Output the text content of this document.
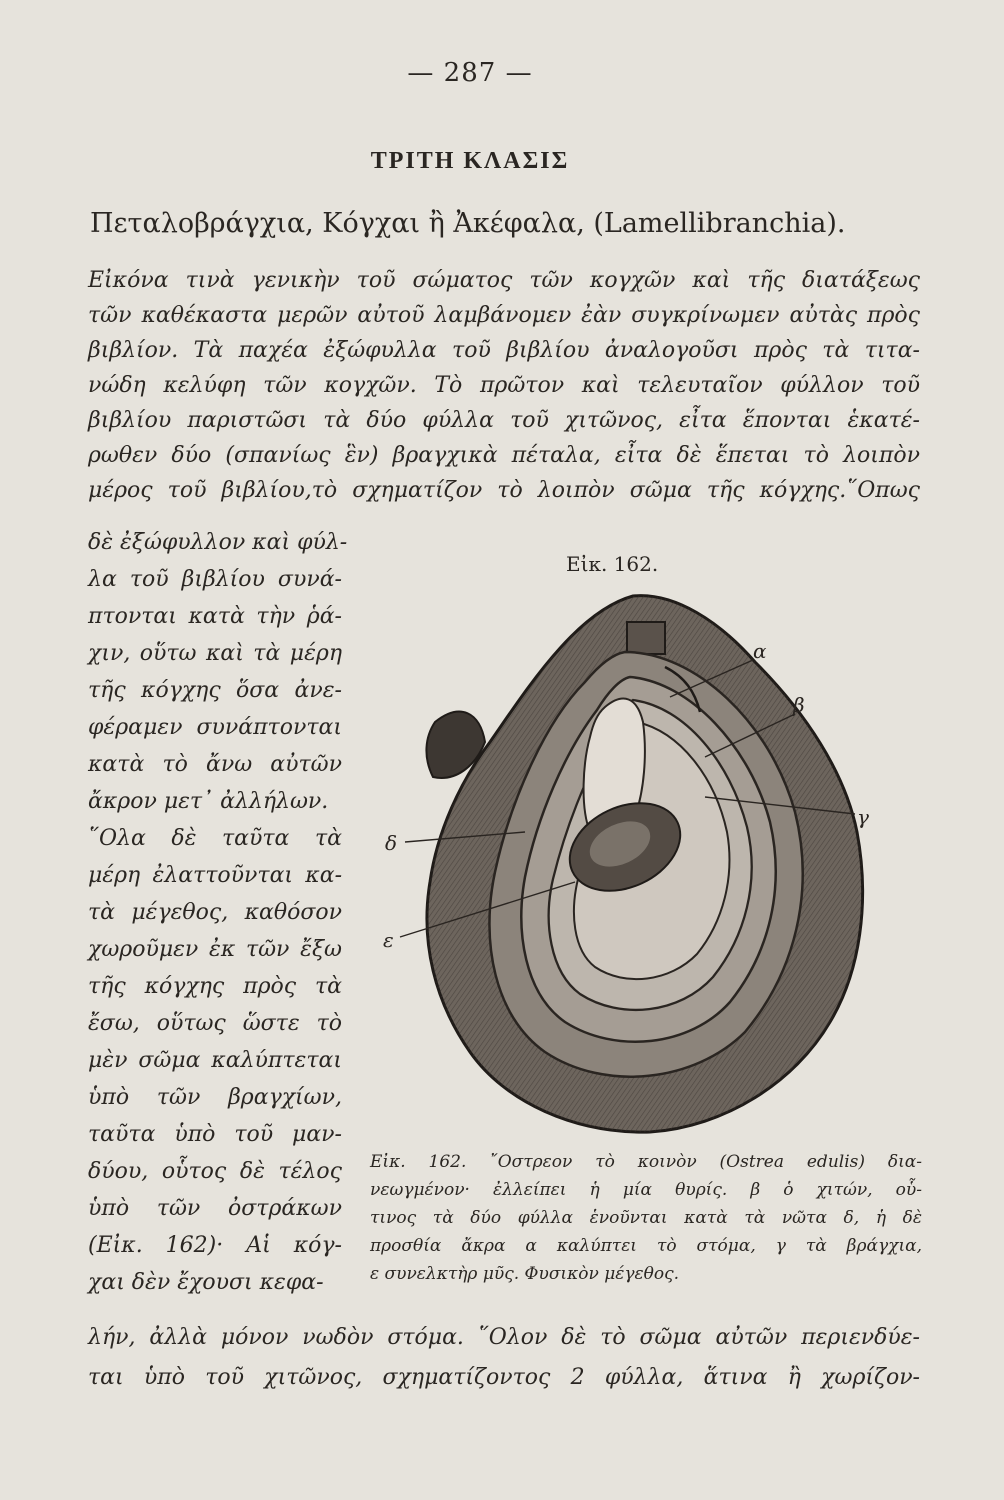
— 287 —
ΤΡΙΤΗ ΚΛΑΣΙΣ
Πεταλοβράγχια, Κόγχαι ἢ Ἀκέφαλα, (Lamellibranchia).
Εἰκόνα τινὰ γενικὴν τοῦ σώματος τῶν κογχῶν καὶ τῆς διατάξεως
τῶν καθέκαστα μερῶν αὐτοῦ λαμβάνομεν ἐὰν συγκρίνωμεν αὐτὰς πρὸς
βιβλίον. Τὰ παχέα ἐξώφυλλα τοῦ βιβλίου ἀναλογοῦσι πρὸς τὰ τιτα-
νώδη κελύφη τῶν κογχῶν. Τὸ πρῶτον καὶ τελευταῖον φύλλον τοῦ
βιβλίου παριστῶσι τὰ δύο φύλλα τοῦ χιτῶνος, εἶτα ἕπονται ἑκατέ-
ρωθεν δύο (σπανίως ἓν) βραγχικὰ πέταλα, εἶτα δὲ ἕπεται τὸ λοιπὸν
μέρος τοῦ βιβλίου,τὸ σχηματίζον τὸ λοιπὸν σῶμα τῆς κόγχης.῞Οπως
δὲ ἐξώφυλλον καὶ φύλ-
λα τοῦ βιβλίου συνά-
πτονται κατὰ τὴν ῥά-
χιν, οὕτω καὶ τὰ μέρη
τῆς κόγχης ὅσα ἀνε-
φέραμεν συνάπτονται
κατὰ τὸ ἄνω αὐτῶν
ἄκρον μετ᾽ ἀλλήλων.
῞Ολα δὲ ταῦτα τὰ
μέρη ἐλαττοῦνται κα-
τὰ μέγεθος, καθόσον
χωροῦμεν ἐκ τῶν ἔξω
τῆς κόγχης πρὸς τὰ
ἔσω, οὕτως ὥστε τὸ
μὲν σῶμα καλύπτεται
ὑπὸ τῶν βραγχίων,
ταῦτα ὑπὸ τοῦ μαν-
δύου, οὗτος δὲ τέλος
ὑπὸ τῶν ὀστράκων
(Εἰκ. 162)· Αἱ κόγ-
χαι δὲν ἔχουσι κεφα-
Εἰκ. 162.
α
β
γ
δ
ε
Εἰκ. 162. ῎Οστρεον τὸ κοινὸν (Ostrea edulis) δια-
νεωγμένον· ἐλλείπει ἡ μία θυρίς. β ὁ χιτών, οὗ-
τινος τὰ δύο φύλλα ἑνοῦνται κατὰ τὰ νῶτα δ, ἡ δὲ
προσθία ἄκρα α καλύπτει τὸ στόμα, γ τὰ βράγχια,
ε συνελκτὴρ μῦς. Φυσικὸν μέγεθος.
λήν, ἀλλὰ μόνον νωδὸν στόμα. ῞Ολον δὲ τὸ σῶμα αὐτῶν περιενδύε-
ται ὑπὸ τοῦ χιτῶνος, σχηματίζοντος 2 φύλλα, ἅτινα ἢ χωρίζον-
